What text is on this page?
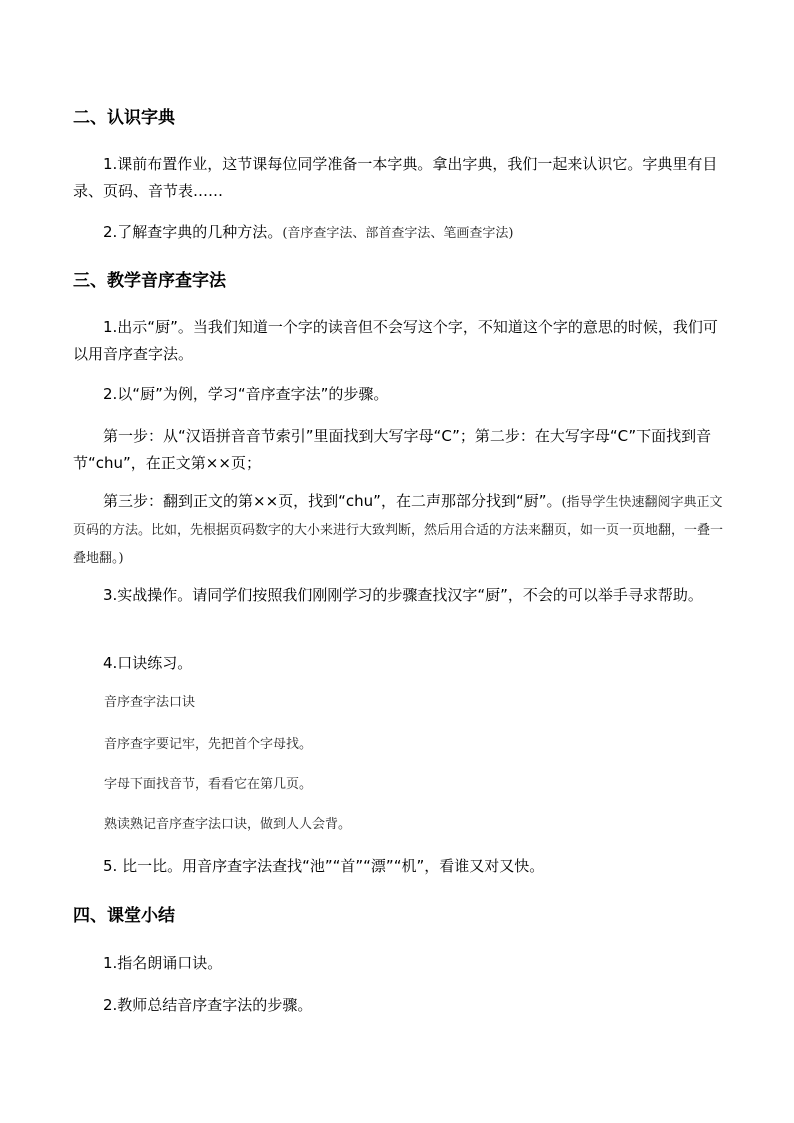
二、认识字典
1.课前布置作业，这节课每位同学准备一本字典。拿出字典，我们一起来认识它。字典里有目录、页码、音节表……
2.了解查字典的几种方法。(音序查字法、部首查字法、笔画查字法)
三、教学音序查字法
1.出示“厨”。当我们知道一个字的读音但不会写这个字，不知道这个字的意思的时候，我们可以用音序查字法。
2.以“厨”为例，学习“音序查字法”的步骤。
第一步：从“汉语拼音音节索引”里面找到大写字母“C”；第二步：在大写字母“C”下面找到音节“chu”，在正文第××页；
第三步：翻到正文的第××页，找到“chu”，在二声那部分找到“厨”。(指导学生快速翻阅字典正文页码的方法。比如，先根据页码数字的大小来进行大致判断，然后用合适的方法来翻页，如一页一页地翻，一叠一叠地翻。)
3.实战操作。请同学们按照我们刚刚学习的步骤查找汉字“厨”，不会的可以举手寻求帮助。
4.口诀练习。
音序查字法口诀
音序查字要记牢，先把首个字母找。
字母下面找音节，看看它在第几页。
熟读熟记音序查字法口诀，做到人人会背。
5. 比一比。用音序查字法查找“池”“首”“漂”“机”，看谁又对又快。
四、课堂小结
1.指名朗诵口诀。
2.教师总结音序查字法的步骤。
